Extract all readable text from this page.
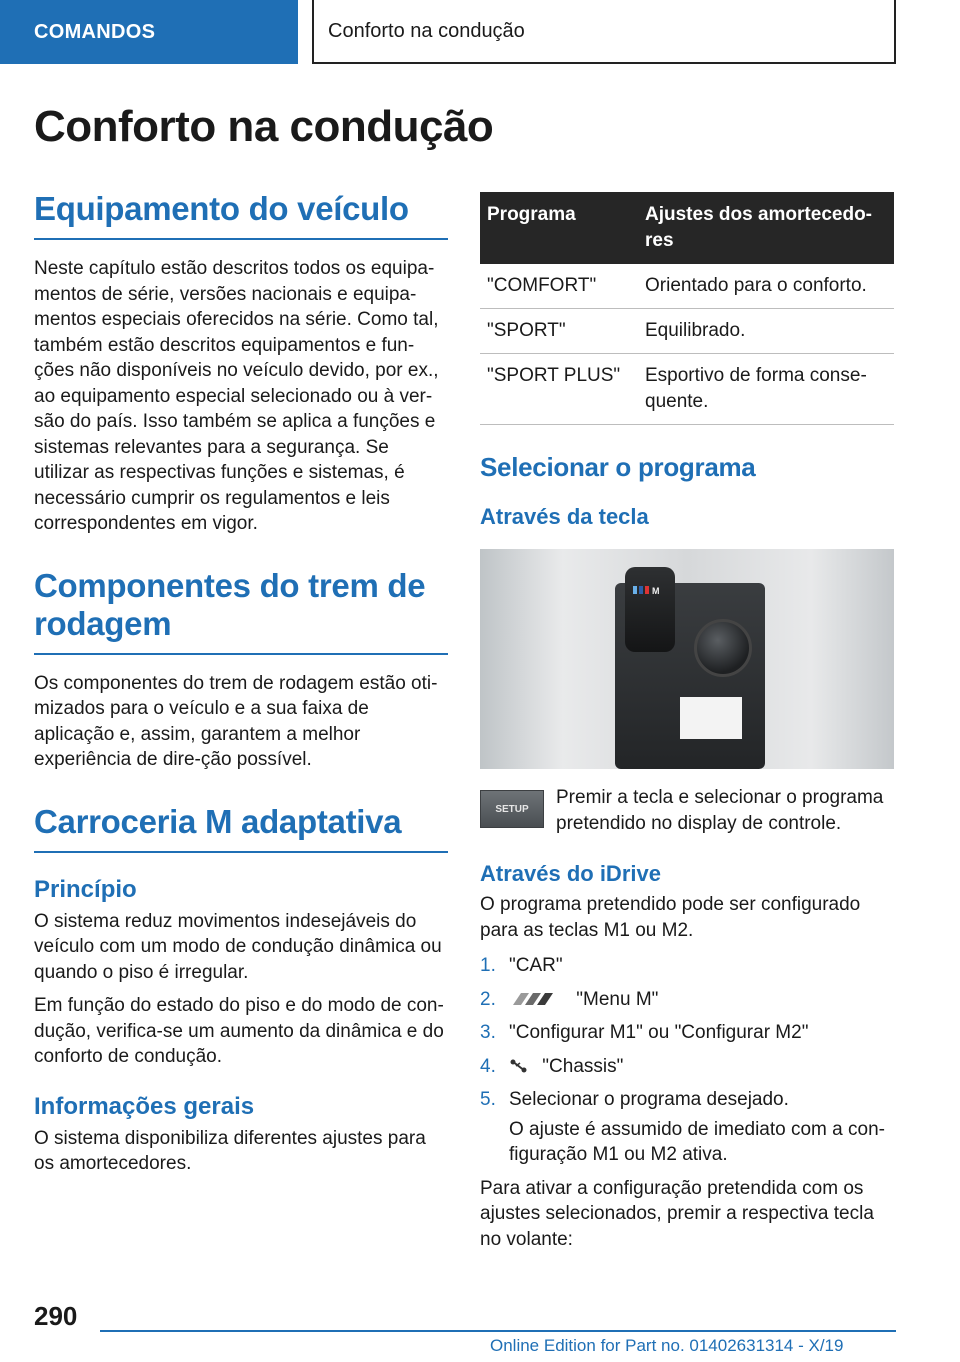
COMANDOS	Conforto na condução
Conforto na condução
Equipamento do veículo

Neste capítulo estão descritos todos os equipa-mentos de série, versões nacionais e equipa-mentos especiais oferecidos na série. Como tal, também estão descritos equipamentos e fun-ções não disponíveis no veículo devido, por ex., ao equipamento especial selecionado ou à ver-são do país. Isso também se aplica a funções e sistemas relevantes para a segurança. Se utilizar as respectivas funções e sistemas, é necessário cumprir os regulamentos e leis correspondentes em vigor.

Componentes do trem de rodagem

Os componentes do trem de rodagem estão oti-mizados para o veículo e a sua faixa de aplicação e, assim, garantem a melhor experiência de dire-ção possível.

Carroceria M adaptativa
Princípio

O sistema reduz movimentos indesejáveis do veículo com um modo de condução dinâmica ou quando o piso é irregular.

Em função do estado do piso e do modo de con-dução, verifica-se um aumento da dinâmica e do conforto de condução.

Informações gerais

O sistema disponibiliza diferentes ajustes para os amortecedores.

Programa	Ajustes dos amortecedo-res
"COMFORT"	Orientado para o conforto.
"SPORT"	Equilibrado.
"SPORT PLUS"	Esportivo de forma conse-quente.
Selecionar o programa
Através da tecla
M
SETUP

Premir a tecla e selecionar o programa pretendido no display de controle.

Através do iDrive

O programa pretendido pode ser configurado para as teclas M1 ou M2.

1. "CAR"
2.	"Menu M"
3. "Configurar M1" ou "Configurar M2"
4.	"Chassis"
5. Selecionar o programa desejado.

O ajuste é assumido de imediato com a con-figuração M1 ou M2 ativa.

Para ativar a configuração pretendida com os ajustes selecionados, premir a respectiva tecla no volante:

290
Online Edition for Part no. 01402631314 - X/19
